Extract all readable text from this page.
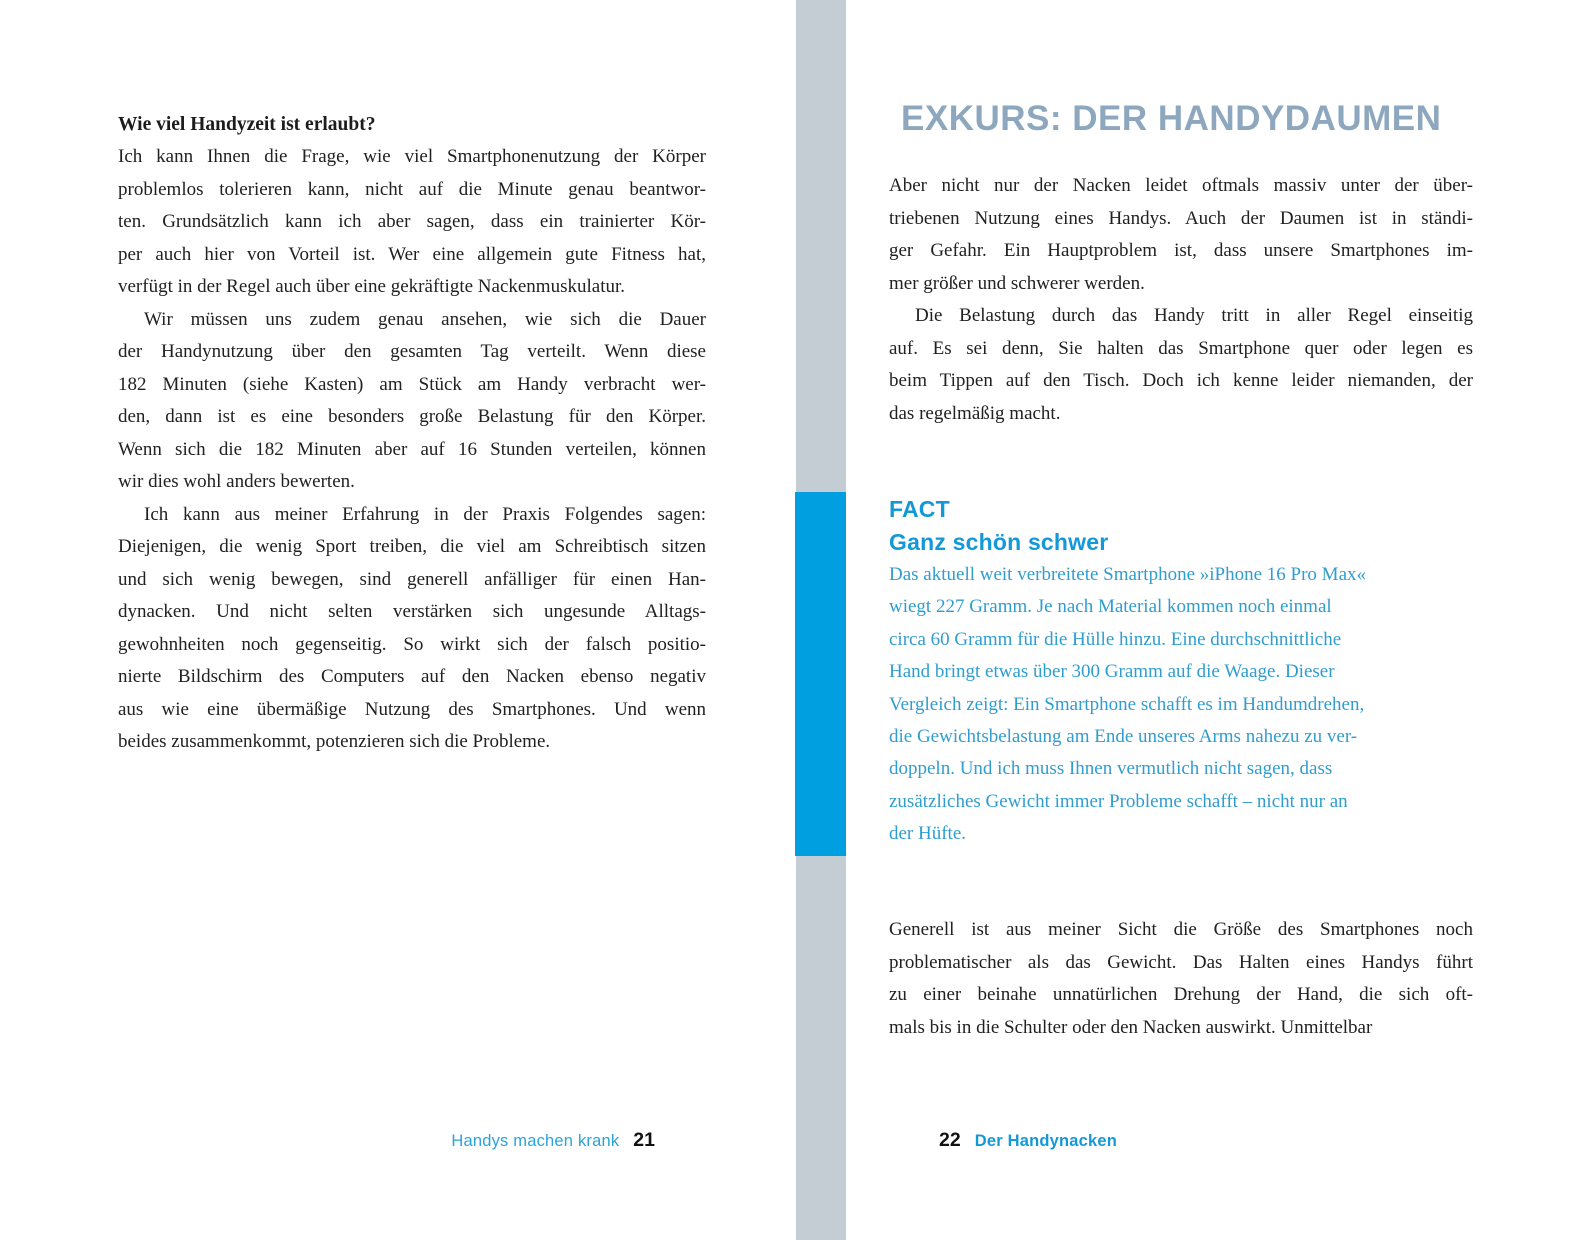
Wie viel Handyzeit ist erlaubt?
Ich kann Ihnen die Frage, wie viel Smartphonenutzung der Körper
problemlos tolerieren kann, nicht auf die Minute genau beantwor-
ten. Grundsätzlich kann ich aber sagen, dass ein trainierter Kör-
per auch hier von Vorteil ist. Wer eine allgemein gute Fitness hat,
verfügt in der Regel auch über eine gekräftigte Nackenmuskulatur.
Wir müssen uns zudem genau ansehen, wie sich die Dauer
der Handynutzung über den gesamten Tag verteilt. Wenn diese
182 Minuten (siehe Kasten) am Stück am Handy verbracht wer-
den, dann ist es eine besonders große Belastung für den Körper.
Wenn sich die 182 Minuten aber auf 16 Stunden verteilen, können
wir dies wohl anders bewerten.
Ich kann aus meiner Erfahrung in der Praxis Folgendes sagen:
Diejenigen, die wenig Sport treiben, die viel am Schreibtisch sitzen
und sich wenig bewegen, sind generell anfälliger für einen Han-
dynacken. Und nicht selten verstärken sich ungesunde Alltags-
gewohnheiten noch gegenseitig. So wirkt sich der falsch positio-
nierte Bildschirm des Computers auf den Nacken ebenso negativ
aus wie eine übermäßige Nutzung des Smartphones. Und wenn
beides zusammenkommt, potenzieren sich die Probleme.
Handys machen krank 21
EXKURS: DER HANDYDAUMEN
Aber nicht nur der Nacken leidet oftmals massiv unter der über-
triebenen Nutzung eines Handys. Auch der Daumen ist in ständi-
ger Gefahr. Ein Hauptproblem ist, dass unsere Smartphones im-
mer größer und schwerer werden.
Die Belastung durch das Handy tritt in aller Regel einseitig
auf. Es sei denn, Sie halten das Smartphone quer oder legen es
beim Tippen auf den Tisch. Doch ich kenne leider niemanden, der
das regelmäßig macht.
FACT
Ganz schön schwer
Das aktuell weit verbreitete Smartphone »iPhone 16 Pro Max«
wiegt 227 Gramm. Je nach Material kommen noch einmal
circa 60 Gramm für die Hülle hinzu. Eine durchschnittliche
Hand bringt etwas über 300 Gramm auf die Waage. Dieser
Vergleich zeigt: Ein Smartphone schafft es im Handumdrehen,
die Gewichtsbelastung am Ende unseres Arms nahezu zu ver-
doppeln. Und ich muss Ihnen vermutlich nicht sagen, dass
zusätzliches Gewicht immer Probleme schafft – nicht nur an
der Hüfte.
Generell ist aus meiner Sicht die Größe des Smartphones noch
problematischer als das Gewicht. Das Halten eines Handys führt
zu einer beinahe unnatürlichen Drehung der Hand, die sich oft-
mals bis in die Schulter oder den Nacken auswirkt. Unmittelbar
22 Der Handynacken
